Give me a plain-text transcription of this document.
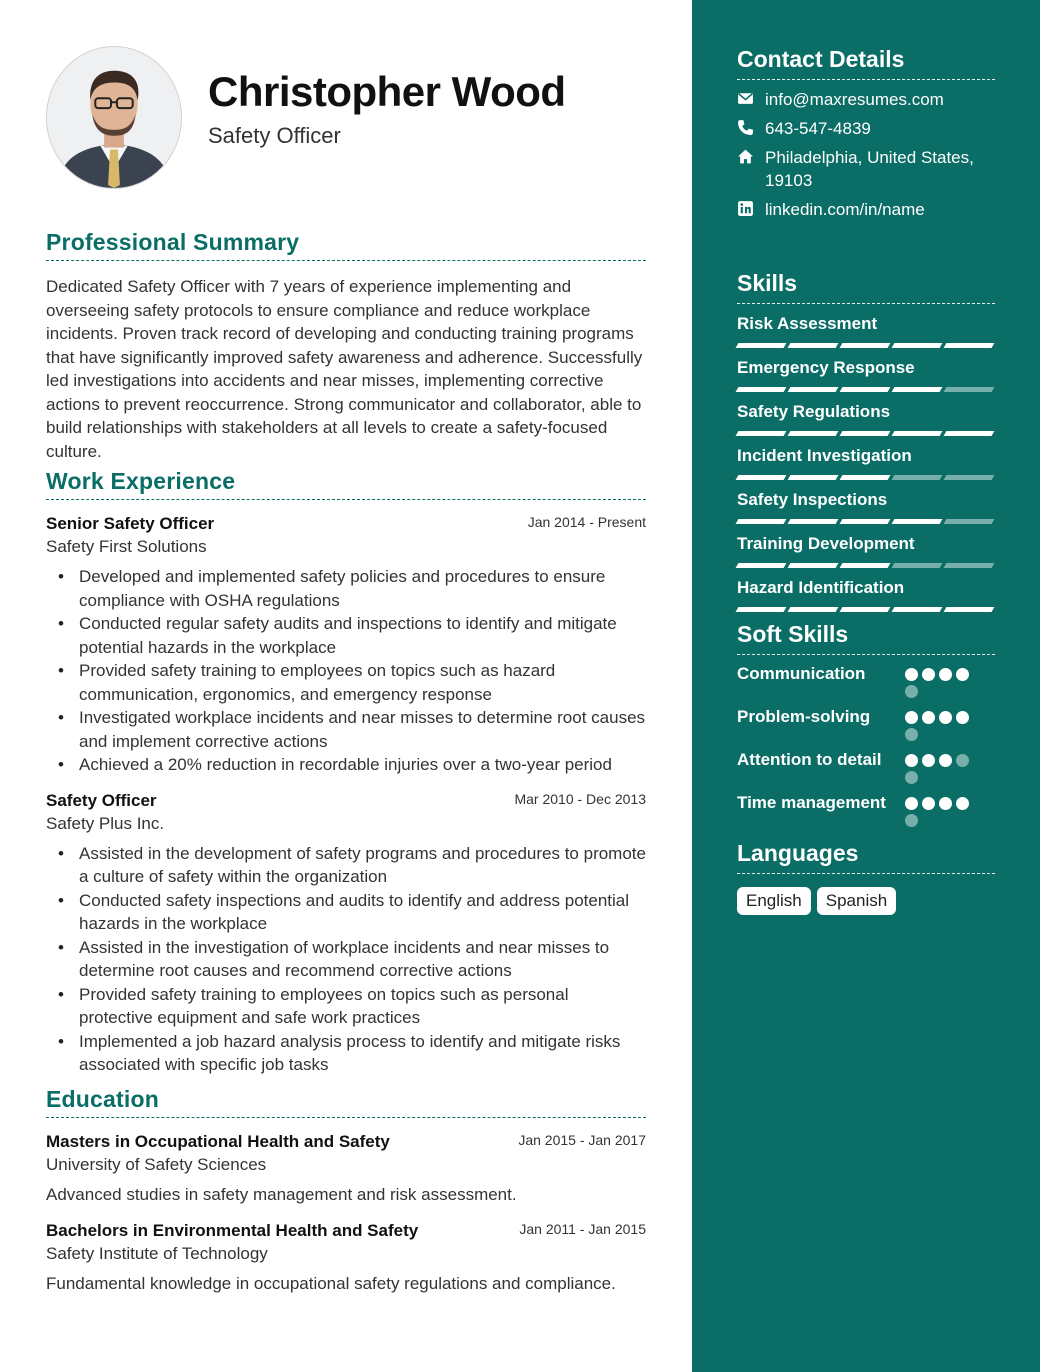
Christopher Wood
Safety Officer
Professional Summary

Dedicated Safety Officer with 7 years of experience implementing and overseeing safety protocols to ensure compliance and reduce workplace incidents. Proven track record of developing and conducting training programs that have significantly improved safety awareness and adherence. Successfully led investigations into accidents and near misses, implementing corrective actions to prevent reoccurrence. Strong communicator and collaborator, able to build relationships with stakeholders at all levels to create a safety-focused culture.

Work Experience
Senior Safety Officer	Jan 2014 - Present
Safety First Solutions
• Developed and implemented safety policies and procedures to ensure compliance with OSHA regulations
• Conducted regular safety audits and inspections to identify and mitigate potential hazards in the workplace
• Provided safety training to employees on topics such as hazard communication, ergonomics, and emergency response
• Investigated workplace incidents and near misses to determine root causes and implement corrective actions
• Achieved a 20% reduction in recordable injuries over a two-year period
Safety Officer	Mar 2010 - Dec 2013
Safety Plus Inc.
• Assisted in the development of safety programs and procedures to promote a culture of safety within the organization
• Conducted safety inspections and audits to identify and address potential hazards in the workplace
• Assisted in the investigation of workplace incidents and near misses to determine root causes and recommend corrective actions
• Provided safety training to employees on topics such as personal protective equipment and safe work practices
• Implemented a job hazard analysis process to identify and mitigate risks associated with specific job tasks
Education
Masters in Occupational Health and Safety	Jan 2015 - Jan 2017
University of Safety Sciences
Advanced studies in safety management and risk assessment.
Bachelors in Environmental Health and Safety	Jan 2011 - Jan 2015
Safety Institute of Technology
Fundamental knowledge in occupational safety regulations and compliance.
Contact Details
info@maxresumes.com
643-547-4839
Philadelphia, United States, 19103
linkedin.com/in/name
Skills
Risk Assessment
Emergency Response
Safety Regulations
Incident Investigation
Safety Inspections
Training Development
Hazard Identification
Soft Skills
Communication
Problem-solving
Attention to detail
Time management
Languages
English	Spanish
